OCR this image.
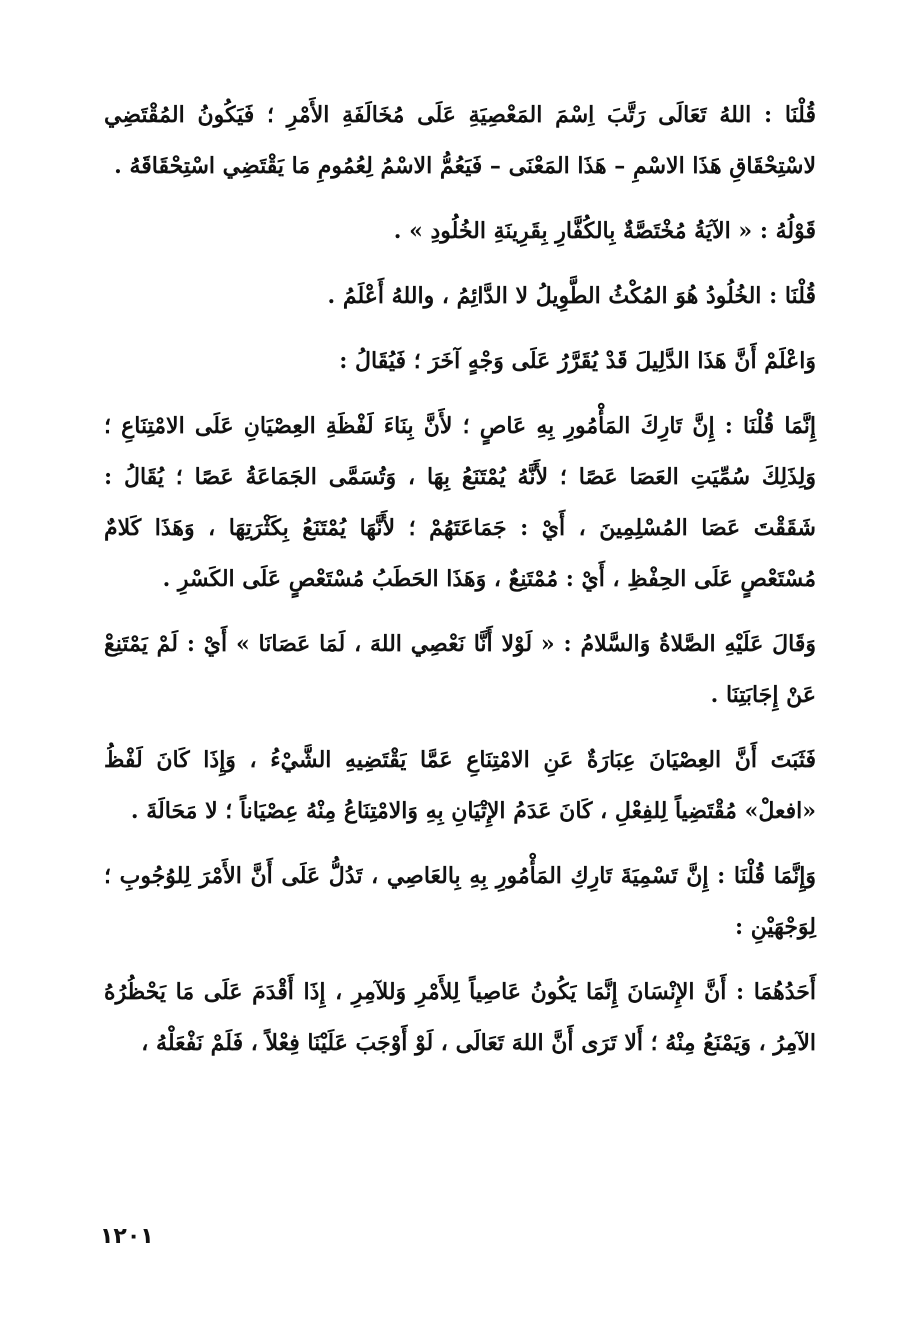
قُلْنَا : اللهُ تَعَالَى رَتَّبَ اِسْمَ المَعْصِيَةِ عَلَى مُخَالَفَةِ الأَمْرِ ؛ فَيَكُونُ المُقْتَضِي لاسْتِحْقَاقِ هَذَا الاسْمِ – هَذَا المَعْنَى – فَيَعُمُّ الاسْمُ لِعُمُومِ مَا يَقْتَضِي اسْتِحْقَاقَهُ .

قَوْلُهُ : « الآيَةُ مُخْتَصَّةٌ بِالكُفَّارِ بِقَرِينَةِ الخُلُودِ » .

قُلْنَا : الخُلُودُ هُوَ المُكْثُ الطَّوِيلُ لا الدَّائِمُ ، واللهُ أَعْلَمُ .

وَاعْلَمْ أَنَّ هَذَا الدَّلِيلَ قَدْ يُقَرَّرُ عَلَى وَجْهٍ آخَرَ ؛ فَيُقَالُ :

إِنَّمَا قُلْنَا : إِنَّ تَارِكَ المَأْمُورِ بِهِ عَاصٍ ؛ لأَنَّ بِنَاءَ لَفْظَةِ العِصْيَانِ عَلَى الامْتِنَاعِ ؛ وَلِذَلِكَ سُمِّيَتِ العَصَا عَصًا ؛ لأَنَّهُ يُمْتَنَعُ بِهَا ، وَتُسَمَّى الجَمَاعَةُ عَصًا ؛ يُقَالُ : شَقَقْتَ عَصَا المُسْلِمِينَ ، أَيْ : جَمَاعَتَهُمْ ؛ لأَنَّهَا يُمْتَنَعُ بِكَثْرَتِهَا ، وَهَذَا كَلامٌ مُسْتَعْصٍ عَلَى الحِفْظِ ، أَيْ : مُمْتَنِعٌ ، وَهَذَا الحَطَبُ مُسْتَعْصٍ عَلَى الكَسْرِ .

وَقَالَ عَلَيْهِ الصَّلاةُ وَالسَّلامُ : « لَوْلا أَنَّا نَعْصِي اللهَ ، لَمَا عَصَانَا » أَيْ : لَمْ يَمْتَنِعْ عَنْ إِجَابَتِنَا .

فَثَبَتَ أَنَّ العِصْيَانَ عِبَارَةٌ عَنِ الامْتِنَاعِ عَمَّا يَقْتَضِيهِ الشَّيْءُ ، وَإِذَا كَانَ لَفْظُ «افعلْ» مُقْتَضِياً لِلفِعْلِ ، كَانَ عَدَمُ الإِتْيَانِ بِهِ وَالامْتِنَاعُ مِنْهُ عِصْيَاناً ؛ لا مَحَالَةَ .

وَإِنَّمَا قُلْنَا : إِنَّ تَسْمِيَةَ تَارِكِ المَأْمُورِ بِهِ بِالعَاصِي ، تَدُلُّ عَلَى أَنَّ الأَمْرَ لِلوُجُوبِ ؛ لِوَجْهَيْنِ :

أَحَدُهُمَا : أَنَّ الإِنْسَانَ إِنَّمَا يَكُونُ عَاصِياً لِلأَمْرِ وَللآمِرِ ، إِذَا أَقْدَمَ عَلَى مَا يَحْظُرُهُ الآمِرُ ، وَيَمْنَعُ مِنْهُ ؛ أَلا تَرَى أَنَّ اللهَ تَعَالَى ، لَوْ أَوْجَبَ عَلَيْنَا فِعْلاً ، فَلَمْ نَفْعَلْهُ ،

١٢٠١
